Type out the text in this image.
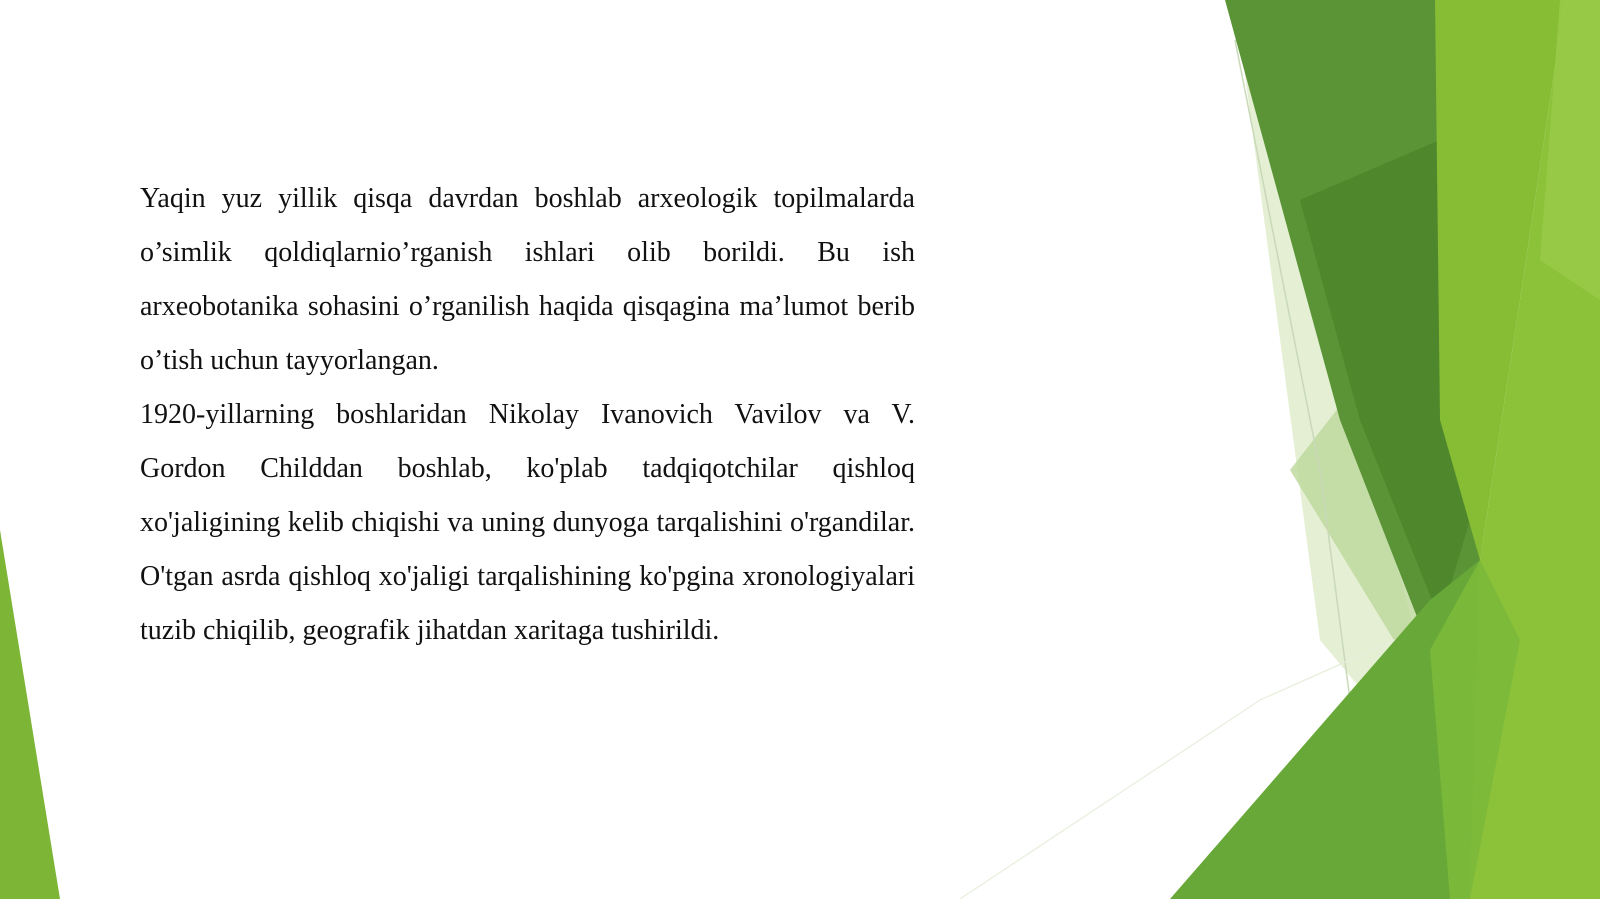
Yaqin yuz yillik qisqa davrdan boshlab arxeologik topilmalarda o’simlik qoldiqlarnio’rganish ishlari olib borildi. Bu ish arxeobotanika sohasini o’rganilish haqida qisqagina ma’lumot berib o’tish uchun tayyorlangan.

1920-yillarning boshlaridan Nikolay Ivanovich Vavilov va V. Gordon Childdan boshlab, ko'plab tadqiqotchilar qishloq xo'jaligining kelib chiqishi va uning dunyoga tarqalishini o'rgandilar. O'tgan asrda qishloq xo'jaligi tarqalishining ko'pgina xronologiyalari tuzib chiqilib, geografik jihatdan xaritaga tushirildi.
